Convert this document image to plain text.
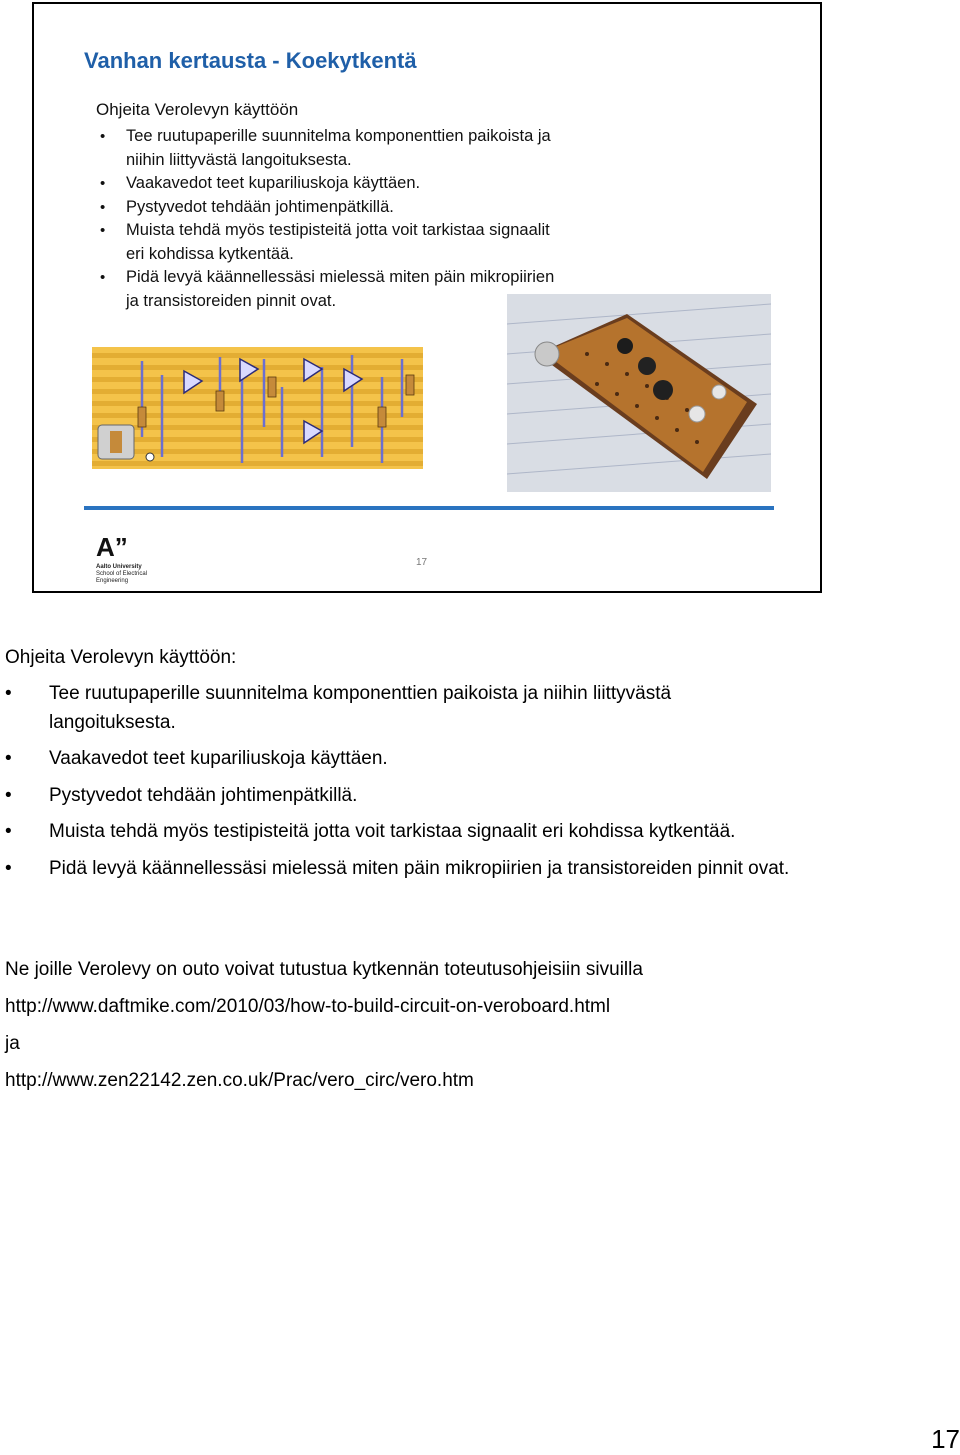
Vanhan kertausta - Koekytkentä
Ohjeita Verolevyn käyttöön
• Tee ruutupaperille suunnitelma komponenttien paikoista ja niihin liittyvästä langoituksesta.
• Vaakavedot teet kupariliuskoja käyttäen.
• Pystyvedot tehdään johtimenpätkillä.
• Muista tehdä myös testipisteitä jotta voit tarkistaa signaalit eri kohdissa kytkentää.
• Pidä levyä käännellessäsi mielessä miten päin mikropiirien ja transistoreiden pinnit ovat.
A”
Aalto University
School of Electrical
Engineering
17
Ohjeita Verolevyn käyttöön:
• Tee ruutupaperille suunnitelma komponenttien paikoista ja niihin liittyvästä langoituksesta.
• Vaakavedot teet kupariliuskoja käyttäen.
• Pystyvedot tehdään johtimenpätkillä.
• Muista tehdä myös testipisteitä jotta voit tarkistaa signaalit eri kohdissa kytkentää.
• Pidä levyä käännellessäsi mielessä miten päin mikropiirien ja transistoreiden pinnit ovat.
Ne joille Verolevy on outo voivat tutustua kytkennän toteutusohjeisiin sivuilla
http://www.daftmike.com/2010/03/how-to-build-circuit-on-veroboard.html
ja
http://www.zen22142.zen.co.uk/Prac/vero_circ/vero.htm
17
